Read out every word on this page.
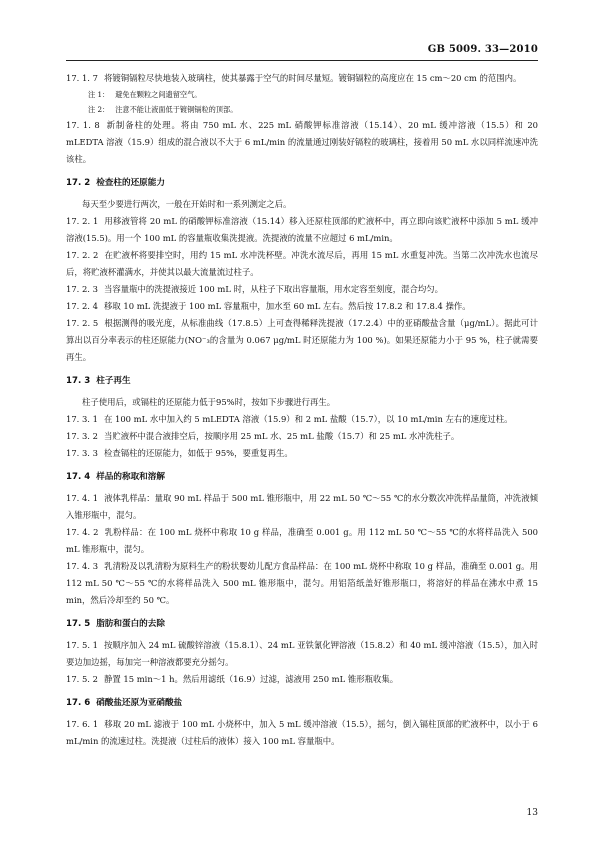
GB 5009. 33—2010

17. 1. 7 将镀铜镉粒尽快地装入玻璃柱，使其暴露于空气的时间尽量短。镀铜镉粒的高度应在 15 cm～20 cm 的范围内。

注 1： 避免在颗粒之间遗留空气。

注 2： 注意不能让液面低于镀铜镉粒的顶部。

17. 1. 8 新制备柱的处理。将由 750 mL 水、225 mL 硝酸钾标准溶液（15.14）、20 mL 缓冲溶液（15.5）和 20 mLEDTA 溶液（15.9）组成的混合液以不大于 6 mL/min 的流量通过刚装好镉粒的玻璃柱，接着用 50 mL 水以同样流速冲洗该柱。

17. 2 检查柱的还原能力

每天至少要进行两次，一般在开始时和一系列测定之后。

17. 2. 1 用移液管将 20 mL 的硝酸钾标准溶液（15.14）移入还原柱顶部的贮液杯中，再立即向该贮液杯中添加 5 mL 缓冲溶液(15.5)。用一个 100 mL 的容量瓶收集洗提液。洗提液的流量不应超过 6 mL/min。

17. 2. 2 在贮液杯将要排空时，用约 15 mL 水冲洗杯壁。冲洗水流尽后，再用 15 mL 水重复冲洗。当第二次冲洗水也流尽后，将贮液杯灌满水，并使其以最大流量流过柱子。

17. 2. 3 当容量瓶中的洗提液接近 100 mL 时，从柱子下取出容量瓶，用水定容至刻度，混合均匀。

17. 2. 4 移取 10 mL 洗提液于 100 mL 容量瓶中，加水至 60 mL 左右。然后按 17.8.2 和 17.8.4 操作。

17. 2. 5 根据测得的吸光度，从标准曲线（17.8.5）上可查得稀释洗提液（17.2.4）中的亚硝酸盐含量（μg/mL）。据此可计算出以百分率表示的柱还原能力(NO⁻₃的含量为 0.067 μg/mL 时还原能力为 100 %)。如果还原能力小于 95 %，柱子就需要再生。

17. 3 柱子再生

柱子使用后，或镉柱的还原能力低于95%时，按如下步骤进行再生。

17. 3. 1 在 100 mL 水中加入约 5 mLEDTA 溶液（15.9）和 2 mL 盐酸（15.7），以 10 mL/min 左右的速度过柱。

17. 3. 2 当贮液杯中混合液排空后，按顺序用 25 mL 水、25 mL 盐酸（15.7）和 25 mL 水冲洗柱子。

17. 3. 3 检查镉柱的还原能力，如低于 95%，要重复再生。

17. 4 样品的称取和溶解

17. 4. 1 液体乳样品：量取 90 mL 样品于 500 mL 锥形瓶中，用 22 mL 50 ℃～55 ℃的水分数次冲洗样品量筒，冲洗液倾入锥形瓶中，混匀。

17. 4. 2 乳粉样品：在 100 mL 烧杯中称取 10 g 样品，准确至 0.001 g。用 112 mL 50 ℃～55 ℃的水将样品洗入 500 mL 锥形瓶中，混匀。

17. 4. 3 乳清粉及以乳清粉为原料生产的粉状婴幼儿配方食品样品：在 100 mL 烧杯中称取 10 g 样品，准确至 0.001 g。用 112 mL 50 ℃～55 ℃的水将样品洗入 500 mL 锥形瓶中，混匀。用铝箔纸盖好锥形瓶口，将溶好的样品在沸水中煮 15 min，然后冷却至约 50 ℃。

17. 5 脂肪和蛋白的去除

17. 5. 1 按顺序加入 24 mL 硫酸锌溶液（15.8.1）、24 mL 亚铁氰化钾溶液（15.8.2）和 40 mL 缓冲溶液（15.5），加入时要边加边摇，每加完一种溶液都要充分摇匀。

17. 5. 2 静置 15 min～1 h。然后用滤纸（16.9）过滤，滤液用 250 mL 锥形瓶收集。

17. 6 硝酸盐还原为亚硝酸盐

17. 6. 1 移取 20 mL 滤液于 100 mL 小烧杯中，加入 5 mL 缓冲溶液（15.5），摇匀，倒入镉柱顶部的贮液杯中，以小于 6 mL/min 的流速过柱。洗提液（过柱后的液体）接入 100 mL 容量瓶中。

13
